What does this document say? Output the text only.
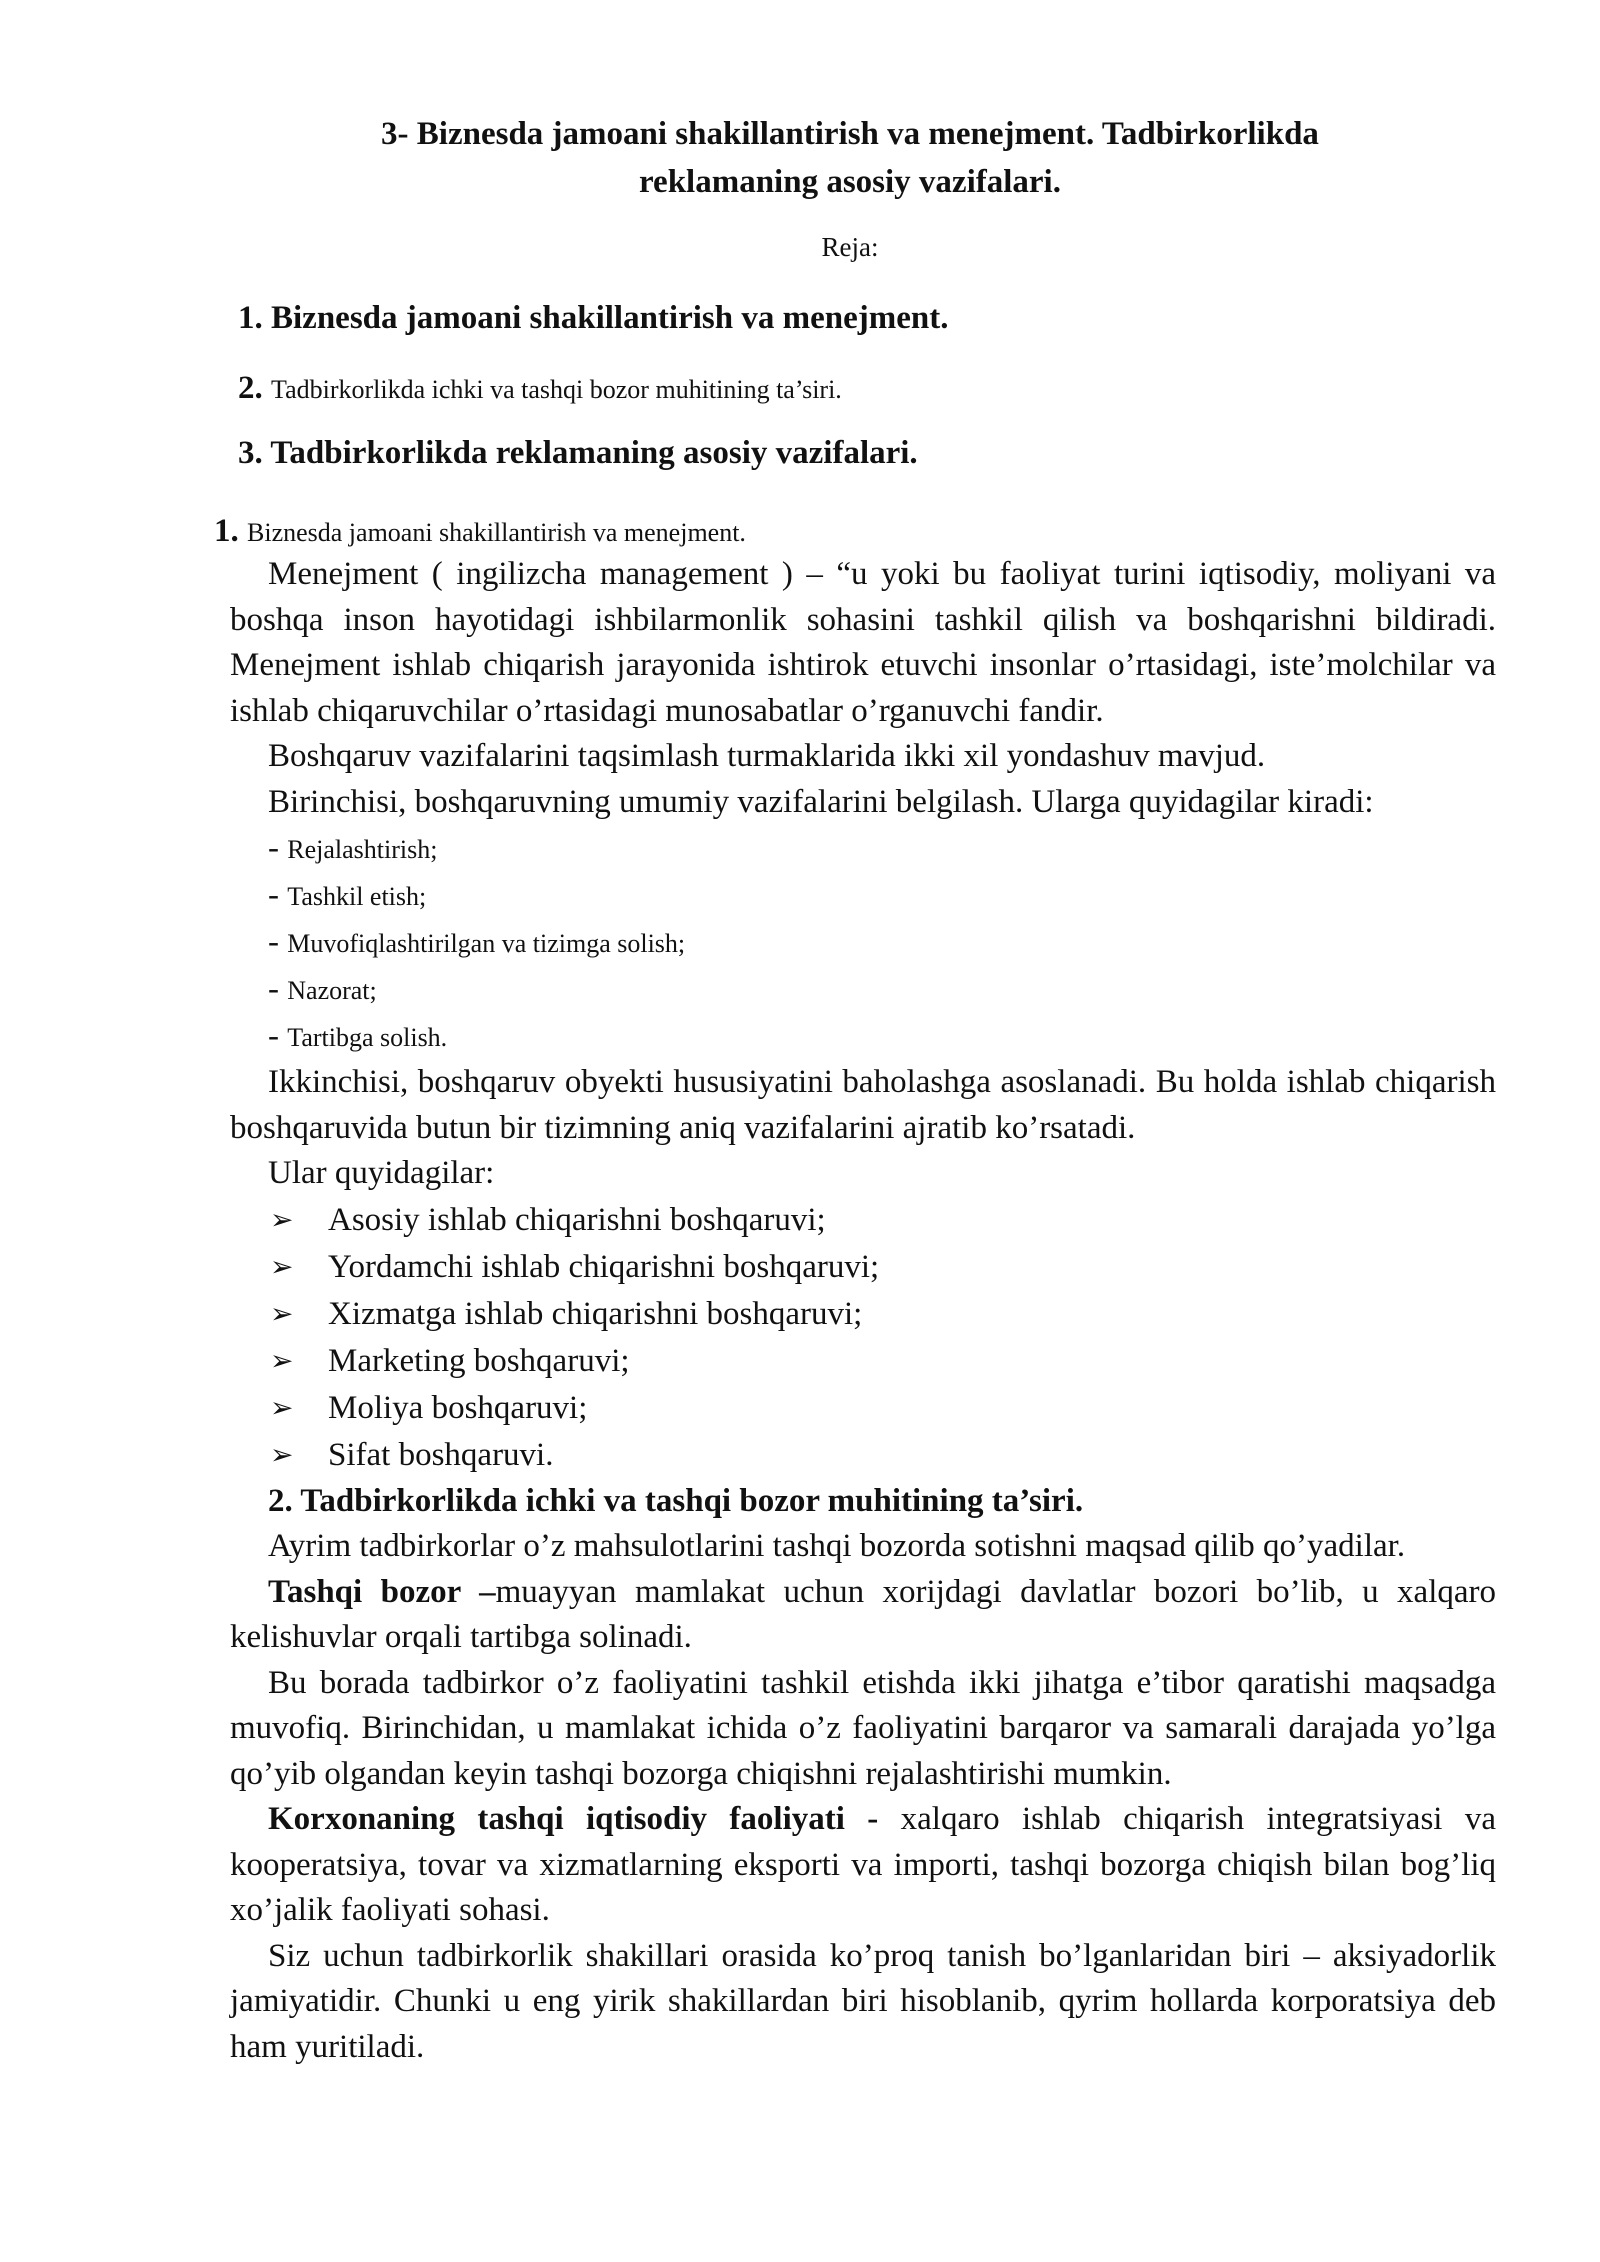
3- Biznesda jamoani shakillantirish va menejment. Tadbirkorlikda
reklamaning asosiy vazifalari.
Reja:
1. Biznesda jamoani shakillantirish va menejment.
2. Tadbirkorlikda ichki va tashqi bozor muhitining ta’siri.
3. Tadbirkorlikda reklamaning asosiy vazifalari.
1. Biznesda jamoani shakillantirish va menejment.

Menejment ( ingilizcha management ) – “u yoki bu faoliyat turini iqtisodiy, moliyani va boshqa inson hayotidagi ishbilarmonlik sohasini tashkil qilish va boshqarishni bildiradi. Menejment ishlab chiqarish jarayonida ishtirok etuvchi insonlar o’rtasidagi, iste’molchilar va ishlab chiqaruvchilar o’rtasidagi munosabatlar o’rganuvchi fandir.

Boshqaruv vazifalarini taqsimlash turmaklarida ikki xil yondashuv mavjud.

Birinchisi, boshqaruvning umumiy vazifalarini belgilash. Ularga quyidagilar kiradi:

- Rejalashtirish;
- Tashkil etish;
- Muvofiqlashtirilgan va tizimga solish;
- Nazorat;
- Tartibga solish.

Ikkinchisi, boshqaruv obyekti hususiyatini baholashga asoslanadi. Bu holda ishlab chiqarish boshqaruvida butun bir tizimning aniq vazifalarini ajratib ko’rsatadi.

Ular quyidagilar:

➢	Asosiy ishlab chiqarishni boshqaruvi;
➢	Yordamchi ishlab chiqarishni boshqaruvi;
➢	Xizmatga ishlab chiqarishni boshqaruvi;
➢	Marketing boshqaruvi;
➢	Moliya boshqaruvi;
➢	Sifat boshqaruvi.

2. Tadbirkorlikda ichki va tashqi bozor muhitining ta’siri.

Ayrim tadbirkorlar o’z mahsulotlarini tashqi bozorda sotishni maqsad qilib qo’yadilar.

Tashqi bozor –muayyan mamlakat uchun xorijdagi davlatlar bozori bo’lib, u xalqaro kelishuvlar orqali tartibga solinadi.

Bu borada tadbirkor o’z faoliyatini tashkil etishda ikki jihatga e’tibor qaratishi maqsadga muvofiq. Birinchidan, u mamlakat ichida o’z faoliyatini barqaror va samarali darajada yo’lga qo’yib olgandan keyin tashqi bozorga chiqishni rejalashtirishi mumkin.

Korxonaning tashqi iqtisodiy faoliyati - xalqaro ishlab chiqarish integratsiyasi va kooperatsiya, tovar va xizmatlarning eksporti va importi, tashqi bozorga chiqish bilan bog’liq xo’jalik faoliyati sohasi.

Siz uchun tadbirkorlik shakillari orasida ko’proq tanish bo’lganlaridan biri – aksiyadorlik jamiyatidir. Chunki u eng yirik shakillardan biri hisoblanib, qyrim hollarda korporatsiya deb ham yuritiladi.
